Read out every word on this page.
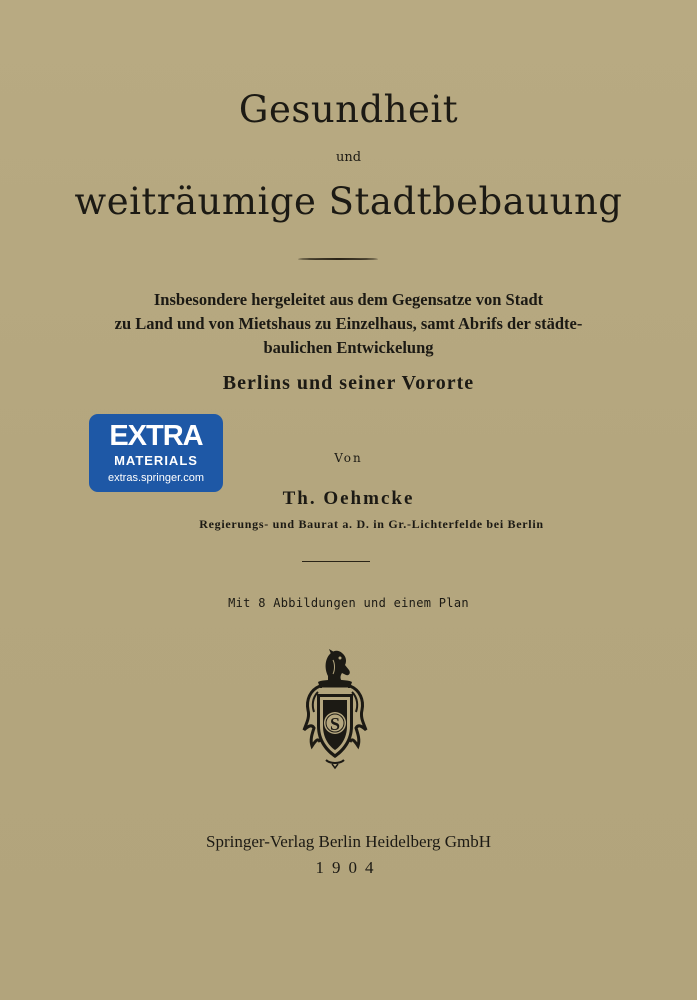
Gesundheit
und
weiträumige Stadtbebauung
Insbesondere hergeleitet aus dem Gegensatze von Stadt
zu Land und von Mietshaus zu Einzelhaus, samt Abrifs der städte-
baulichen Entwickelung
Berlins und seiner Vororte
EXTRA
MATERIALS
extras.springer.com
Von
Th. Oehmcke
Regierungs- und Baurat a. D. in Gr.-Lichterfelde bei Berlin
Mit 8 Abbildungen und einem Plan
S
Springer-Verlag Berlin Heidelberg GmbH
1904
